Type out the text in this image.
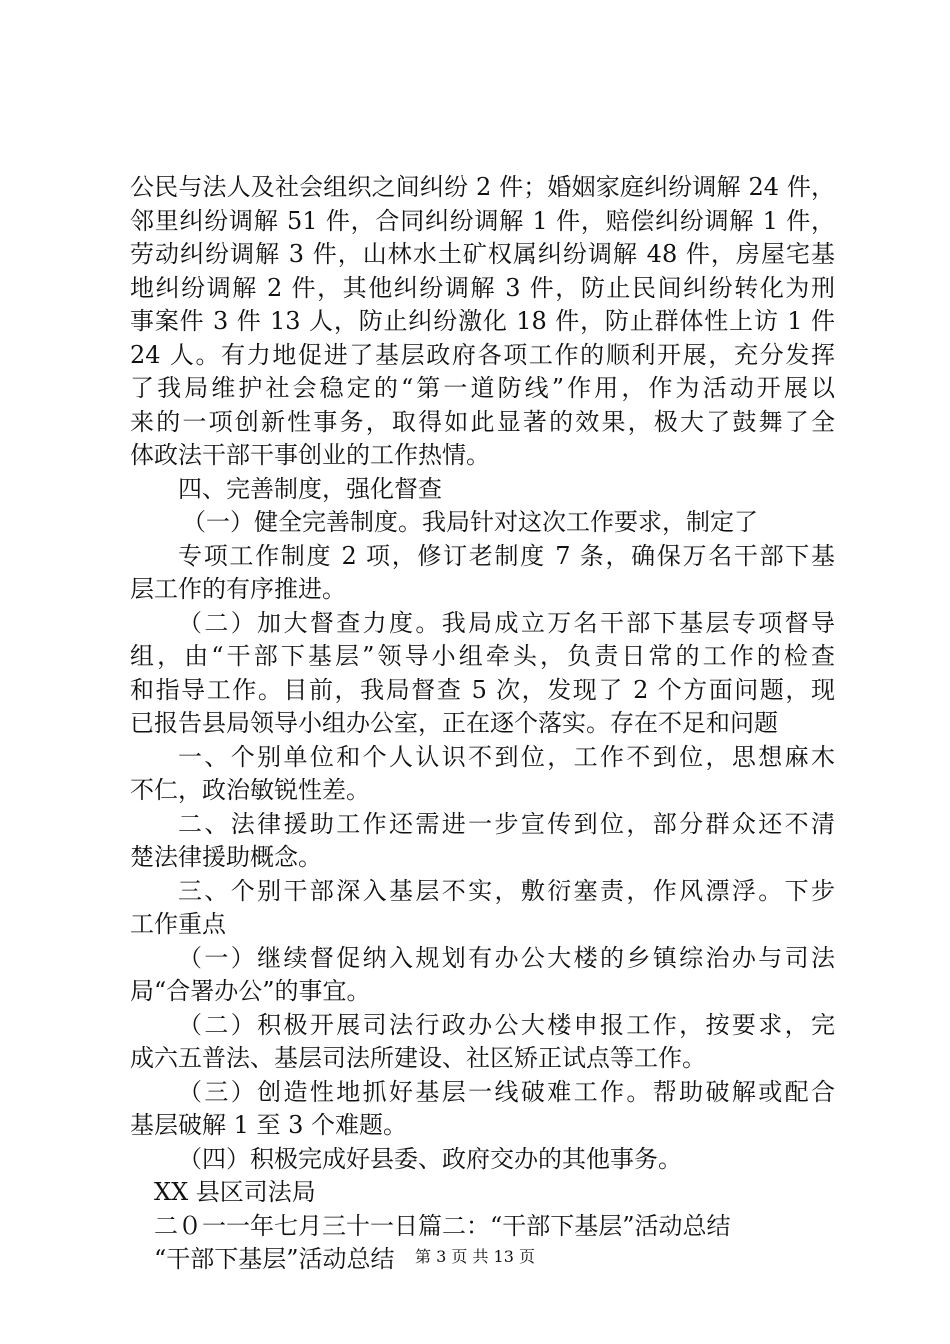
公民与法人及社会组织之间纠纷 2 件；婚姻家庭纠纷调解 24 件，
邻里纠纷调解 51 件，合同纠纷调解 1 件，赔偿纠纷调解 1 件，
劳动纠纷调解 3 件，山林水土矿权属纠纷调解 48 件，房屋宅基
地纠纷调解 2 件，其他纠纷调解 3 件，防止民间纠纷转化为刑
事案件 3 件 13 人，防止纠纷激化 18 件，防止群体性上访 1 件
24 人。有力地促进了基层政府各项工作的顺利开展，充分发挥
了我局维护社会稳定的“第一道防线”作用，作为活动开展以
来的一项创新性事务，取得如此显著的效果，极大了鼓舞了全
体政法干部干事创业的工作热情。
四、完善制度，强化督查
（一）健全完善制度。我局针对这次工作要求，制定了
专项工作制度 2 项，修订老制度 7 条，确保万名干部下基
层工作的有序推进。
（二）加大督查力度。我局成立万名干部下基层专项督导
组，由“干部下基层”领导小组牵头，负责日常的工作的检查
和指导工作。目前，我局督查 5 次，发现了 2 个方面问题，现
已报告县局领导小组办公室，正在逐个落实。存在不足和问题
一、个别单位和个人认识不到位，工作不到位，思想麻木
不仁，政治敏锐性差。
二、法律援助工作还需进一步宣传到位，部分群众还不清
楚法律援助概念。
三、个别干部深入基层不实，敷衍塞责，作风漂浮。下步
工作重点
（一）继续督促纳入规划有办公大楼的乡镇综治办与司法
局“合署办公”的事宜。
（二）积极开展司法行政办公大楼申报工作，按要求，完
成六五普法、基层司法所建设、社区矫正试点等工作。
（三）创造性地抓好基层一线破难工作。帮助破解或配合
基层破解 1 至 3 个难题。
（四）积极完成好县委、政府交办的其他事务。
XX 县区司法局
二０一一年七月三十一日篇二：“干部下基层”活动总结
“干部下基层”活动总结	第 3 页 共 13 页
